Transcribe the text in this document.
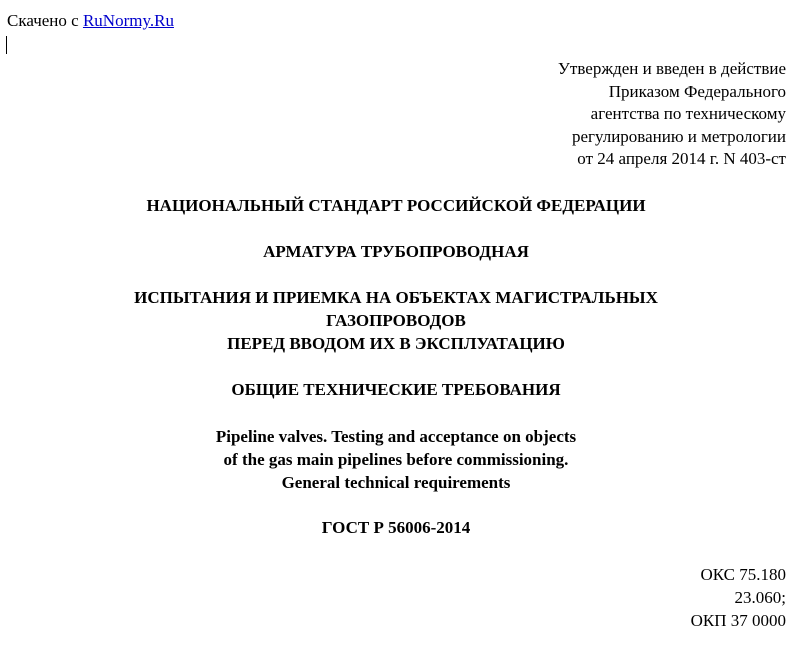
Скачено с RuNormy.Ru
Утвержден и введен в действие
Приказом Федерального
агентства по техническому
регулированию и метрологии
от 24 апреля 2014 г. N 403-ст
НАЦИОНАЛЬНЫЙ СТАНДАРТ РОССИЙСКОЙ ФЕДЕРАЦИИ
АРМАТУРА ТРУБОПРОВОДНАЯ
ИСПЫТАНИЯ И ПРИЕМКА НА ОБЪЕКТАХ МАГИСТРАЛЬНЫХ
ГАЗОПРОВОДОВ
ПЕРЕД ВВОДОМ ИХ В ЭКСПЛУАТАЦИЮ
ОБЩИЕ ТЕХНИЧЕСКИЕ ТРЕБОВАНИЯ
Pipeline valves. Testing and acceptance on objects
of the gas main pipelines before commissioning.
General technical requirements
ГОСТ Р 56006-2014
ОКС 75.180
23.060;
ОКП 37 0000
